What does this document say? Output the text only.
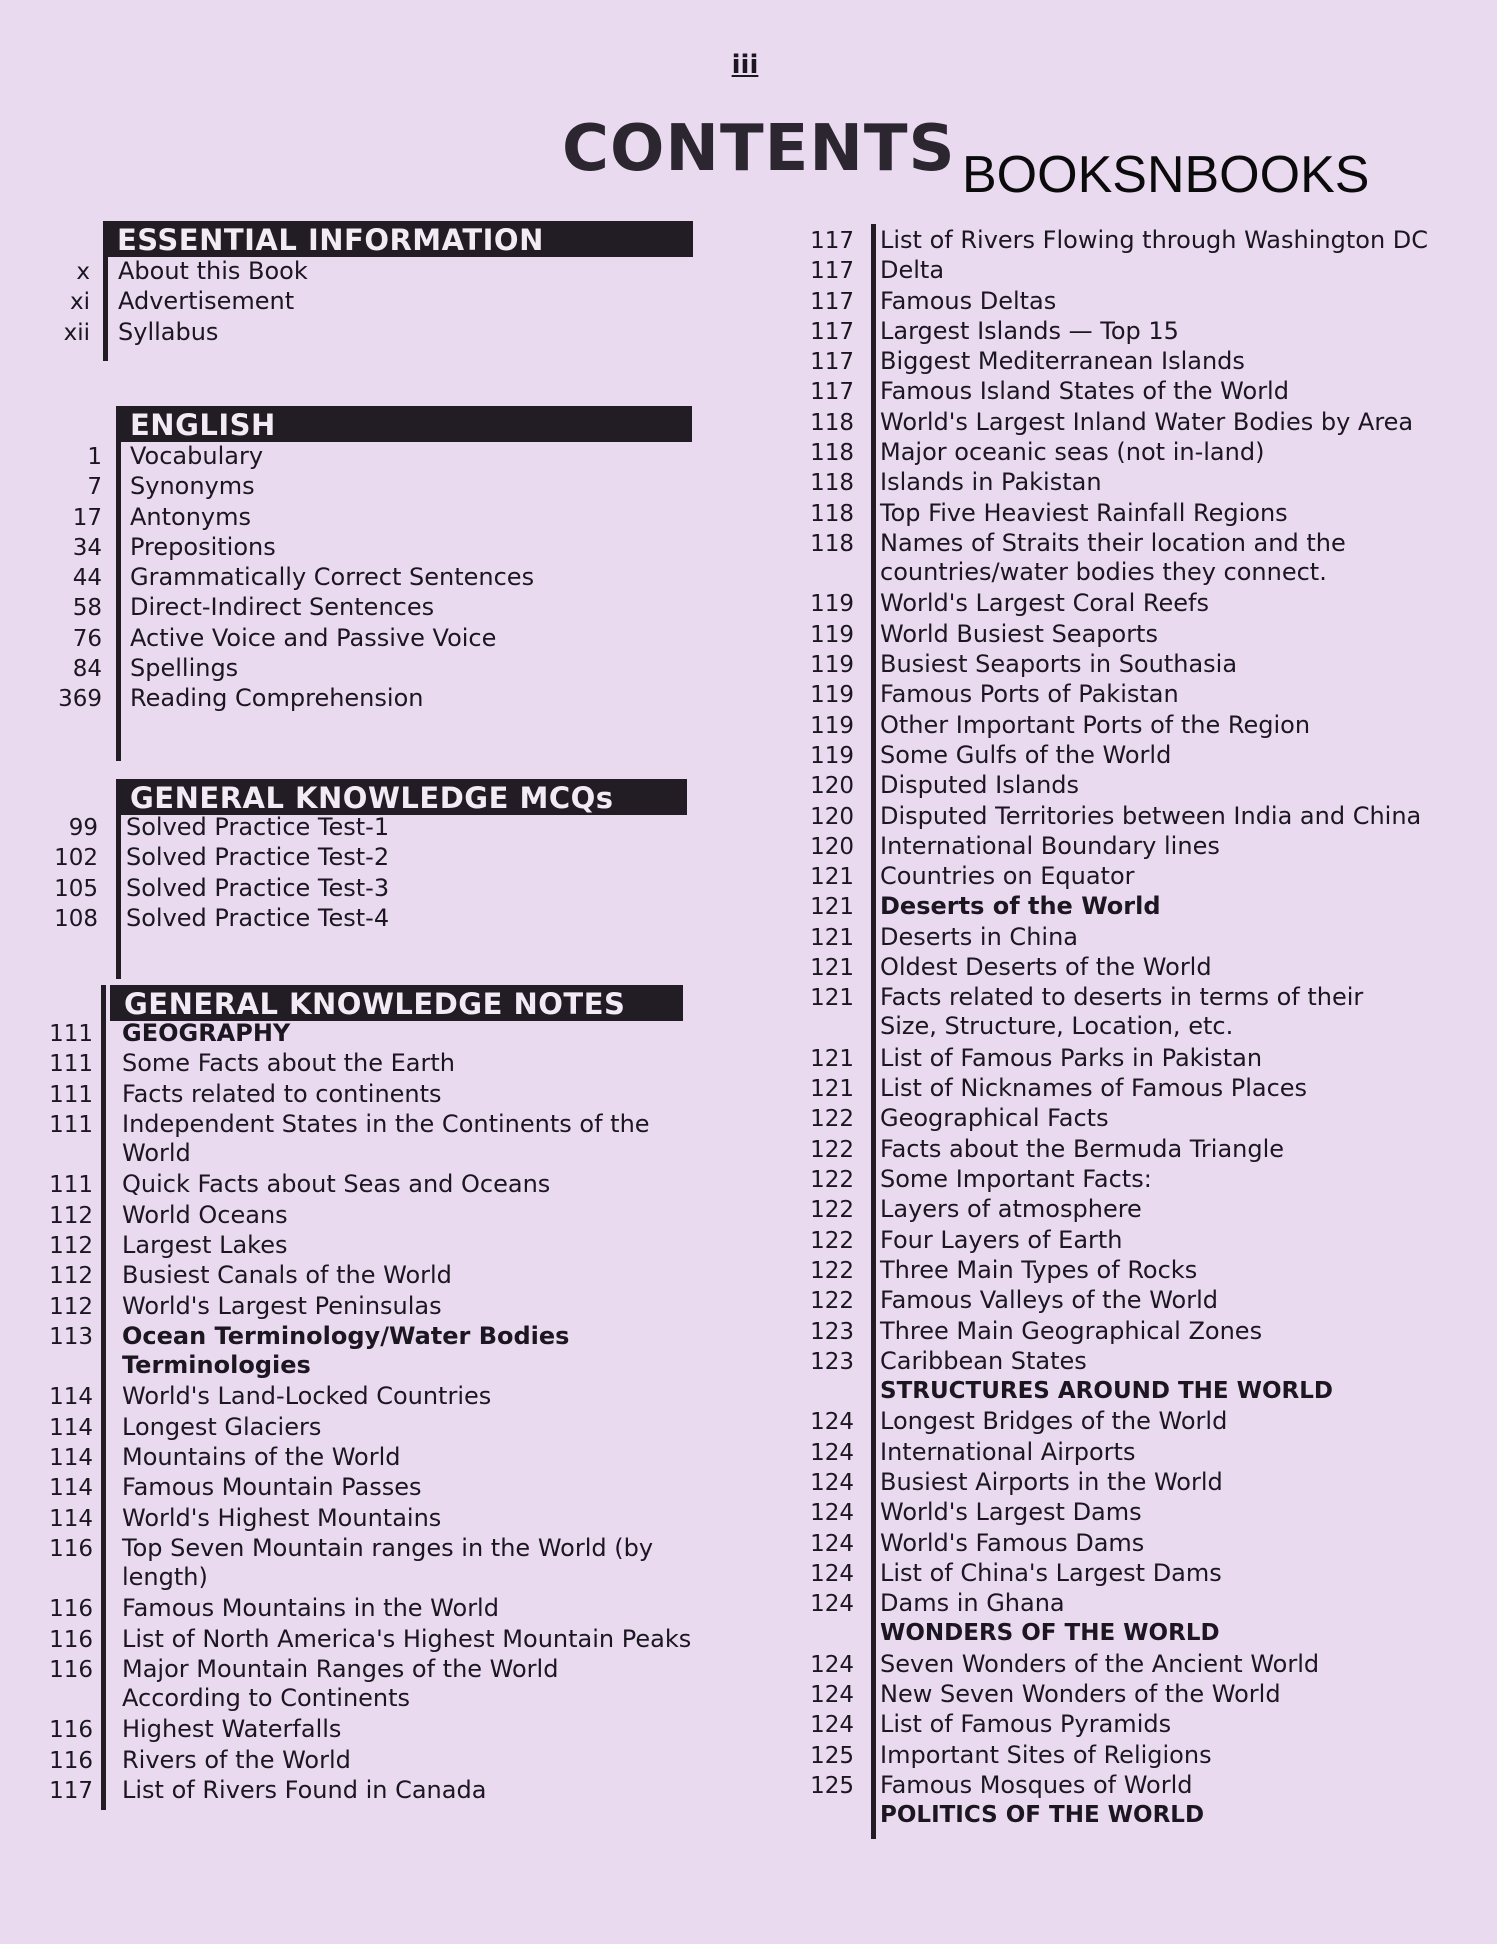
iii
CONTENTS BOOKSNBOOKS
ESSENTIAL INFORMATION
x About this Book
xi Advertisement
xii Syllabus
ENGLISH
1 Vocabulary
7 Synonyms
17 Antonyms
34 Prepositions
44 Grammatically Correct Sentences
58 Direct-Indirect Sentences
76 Active Voice and Passive Voice
84 Spellings
369 Reading Comprehension
GENERAL KNOWLEDGE MCQs
99 Solved Practice Test-1
102 Solved Practice Test-2
105 Solved Practice Test-3
108 Solved Practice Test-4
GENERAL KNOWLEDGE NOTES
111 GEOGRAPHY
111 Some Facts about the Earth
111 Facts related to continents
111 Independent States in the Continents of the World
111 Quick Facts about Seas and Oceans
112 World Oceans
112 Largest Lakes
112 Busiest Canals of the World
112 World's Largest Peninsulas
113 Ocean Terminology/Water Bodies Terminologies
114 World's Land-Locked Countries
114 Longest Glaciers
114 Mountains of the World
114 Famous Mountain Passes
114 World's Highest Mountains
116 Top Seven Mountain ranges in the World (by length)
116 Famous Mountains in the World
116 List of North America's Highest Mountain Peaks
116 Major Mountain Ranges of the World According to Continents
116 Highest Waterfalls
116 Rivers of the World
117 List of Rivers Found in Canada
117 List of Rivers Flowing through Washington DC
117 Delta
117 Famous Deltas
117 Largest Islands — Top 15
117 Biggest Mediterranean Islands
117 Famous Island States of the World
118 World's Largest Inland Water Bodies by Area
118 Major oceanic seas (not in-land)
118 Islands in Pakistan
118 Top Five Heaviest Rainfall Regions
118 Names of Straits their location and the countries/water bodies they connect.
119 World's Largest Coral Reefs
119 World Busiest Seaports
119 Busiest Seaports in Southasia
119 Famous Ports of Pakistan
119 Other Important Ports of the Region
119 Some Gulfs of the World
120 Disputed Islands
120 Disputed Territories between India and China
120 International Boundary lines
121 Countries on Equator
121 Deserts of the World
121 Deserts in China
121 Oldest Deserts of the World
121 Facts related to deserts in terms of their Size, Structure, Location, etc.
121 List of Famous Parks in Pakistan
121 List of Nicknames of Famous Places
122 Geographical Facts
122 Facts about the Bermuda Triangle
122 Some Important Facts:
122 Layers of atmosphere
122 Four Layers of Earth
122 Three Main Types of Rocks
122 Famous Valleys of the World
123 Three Main Geographical Zones
123 Caribbean States
STRUCTURES AROUND THE WORLD
124 Longest Bridges of the World
124 International Airports
124 Busiest Airports in the World
124 World's Largest Dams
124 World's Famous Dams
124 List of China's Largest Dams
124 Dams in Ghana
WONDERS OF THE WORLD
124 Seven Wonders of the Ancient World
124 New Seven Wonders of the World
124 List of Famous Pyramids
125 Important Sites of Religions
125 Famous Mosques of World
POLITICS OF THE WORLD
